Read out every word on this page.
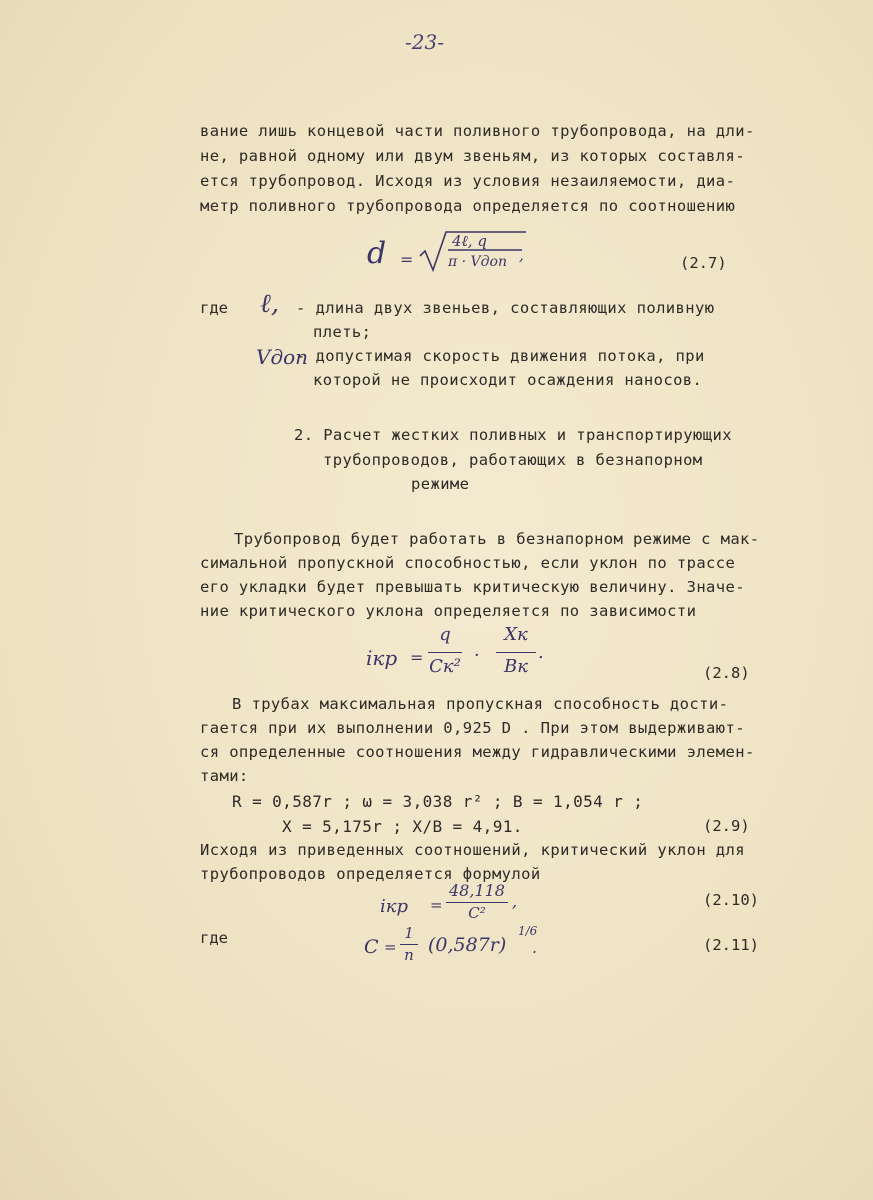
-23-
вание лишь концевой части поливного трубопровода, на дли-
не, равной одному или двум звеньям, из которых составля-
ется трубопровод. Исходя из условия незаиляемости, диа-
метр поливного трубопровода определяется по соотношению
d =
4ℓ, q
π · Vдоп ,	(2.7)
где ℓ, - длина двух звеньев, составляющих поливную
плеть;
Vдоп
- допустимая скорость движения потока, при
которой не происходит осаждения наносов.
2. Расчет жестких поливных и транспортирующих
трубопроводов, работающих в безнапорном
режиме
Трубопровод будет работать в безнапорном режиме с мак-
симальной пропускной способностью, если уклон по трассе
его укладки будет превышать критическую величину. Значе-
ние критического уклона определяется по зависимости
iкр =
q
Cк²
·
Xк
Bк
.
(2.8)
В трубах максимальная пропускная способность дости-
гается при их выполнении 0,925 D . При этом выдерживают-
ся определенные соотношения между гидравлическими элемен-
тами:
R = 0,587r ; ω = 3,038 r² ; B = 1,054 r ;
X = 5,175r ; X/B = 4,91.	(2.9)
Исходя из приведенных соотношений, критический уклон для
трубопроводов определяется формулой
iкр =
48,118
C²
,	(2.10)
где	C =
1
n (0,587r)
1/6
.	(2.11)
